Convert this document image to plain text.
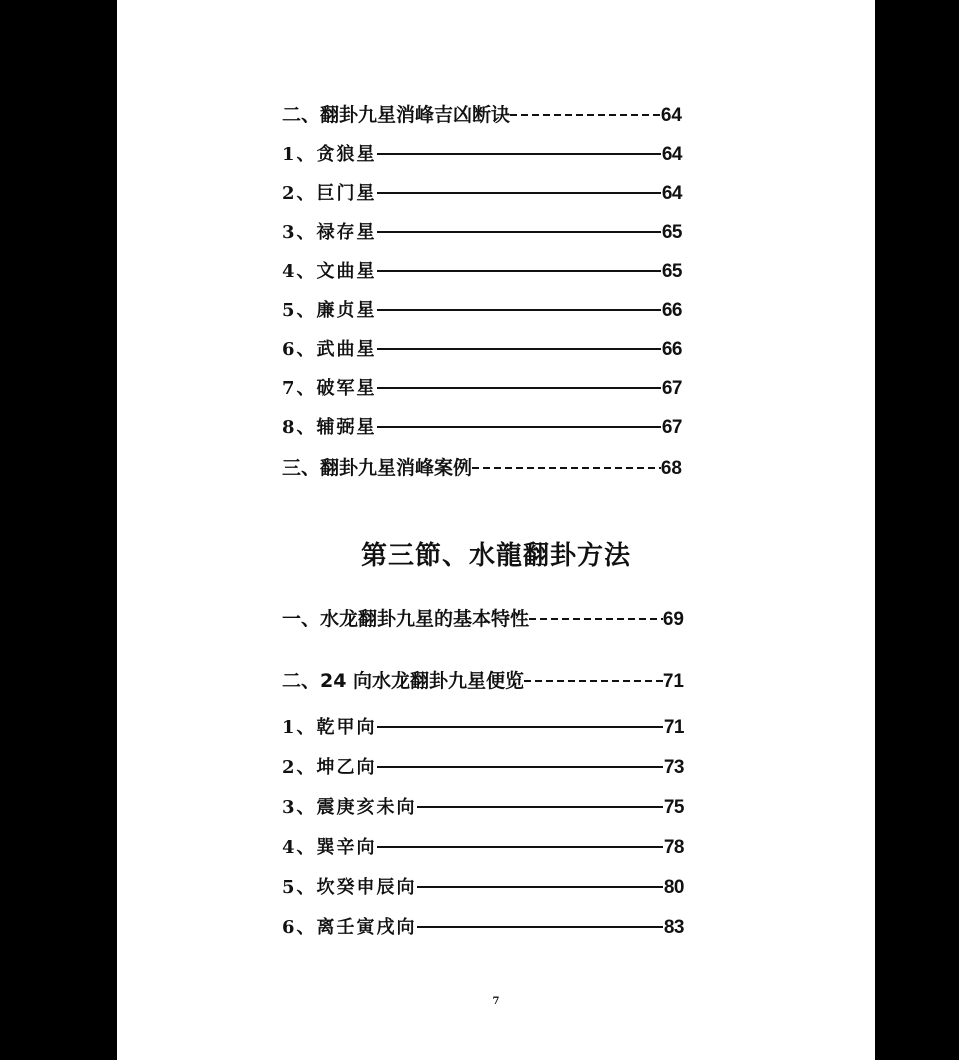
二、翻卦九星消峰吉凶断诀	64
1、贪狼星	64
2、巨门星	64
3、禄存星	65
4、文曲星	65
5、廉贞星	66
6、武曲星	66
7、破军星	67
8、辅弼星	67
三、翻卦九星消峰案例	68
第三節、水龍翻卦方法
一、水龙翻卦九星的基本特性	69
二、24 向水龙翻卦九星便览	71
1、乾甲向	71
2、坤乙向	73
3、震庚亥未向	75
4、巽辛向	78
5、坎癸申辰向	80
6、离壬寅戌向	83
7
